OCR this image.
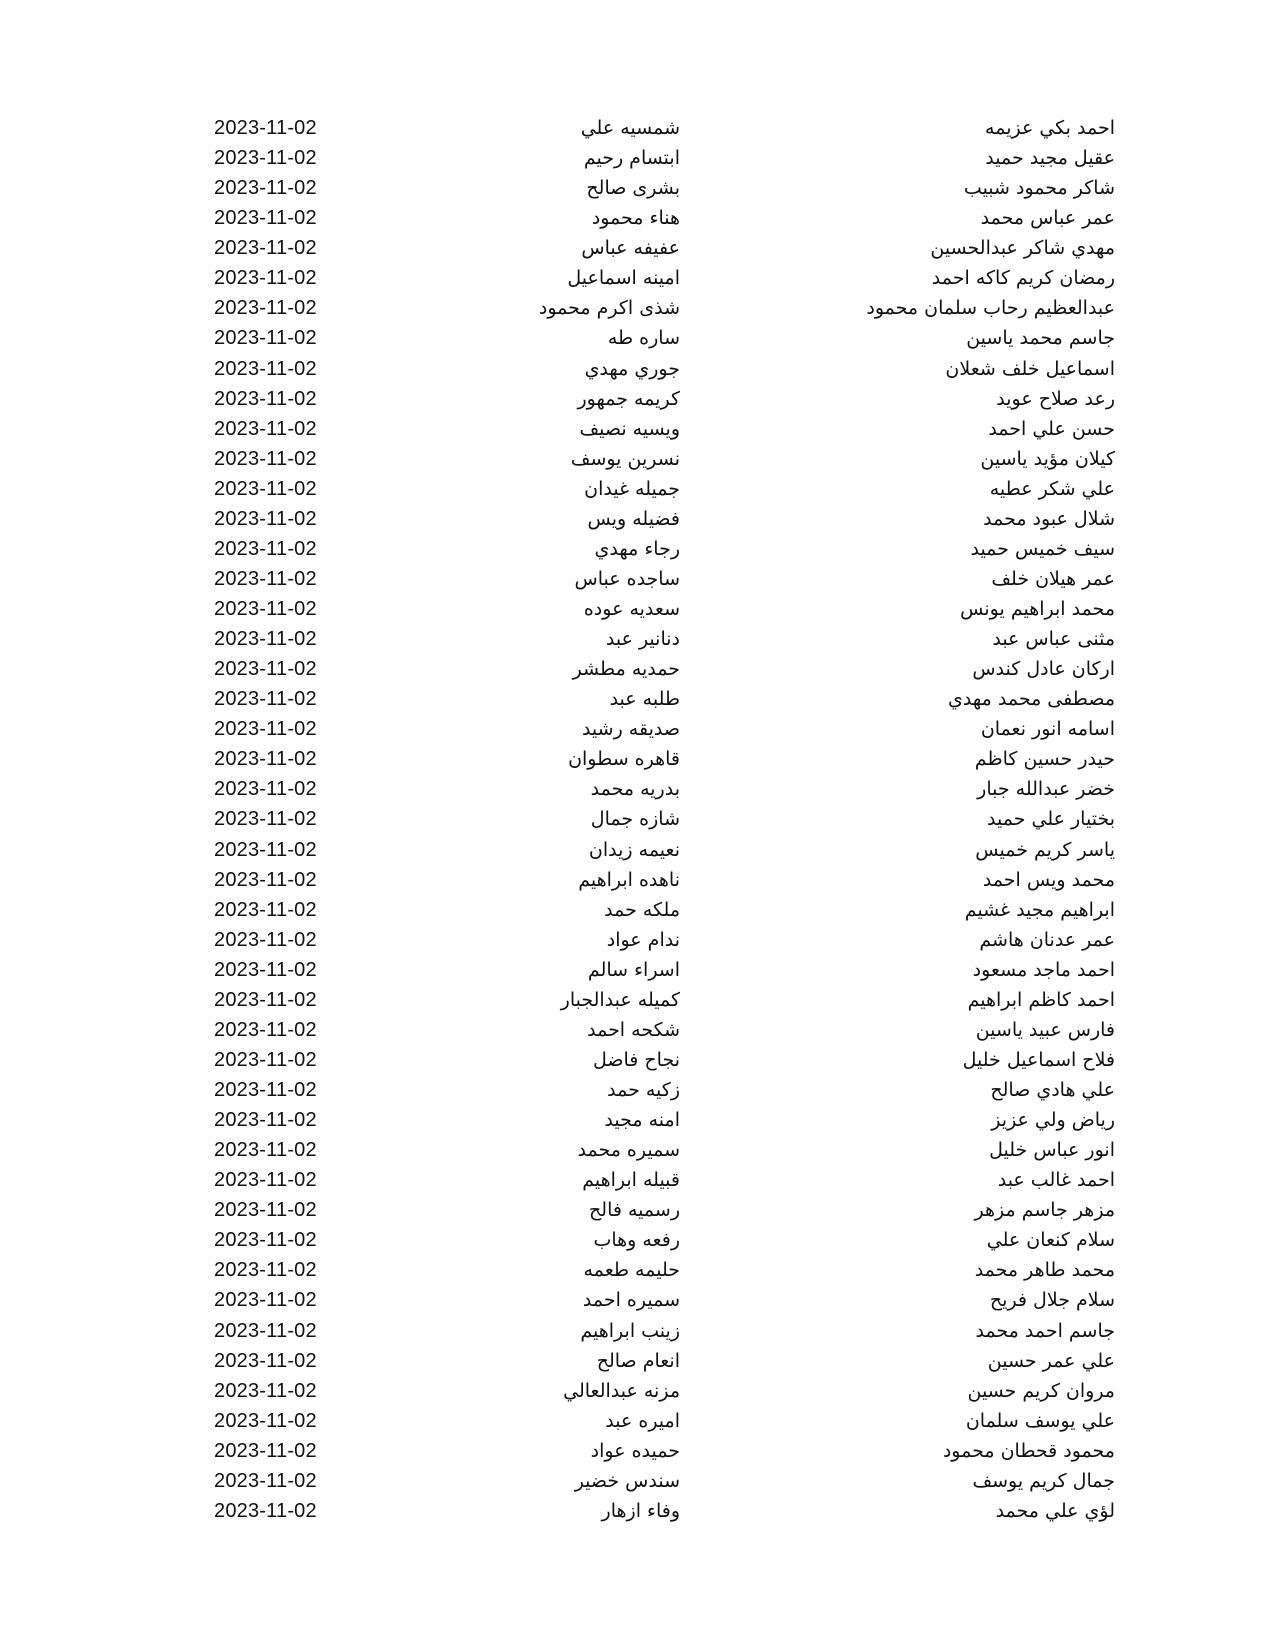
احمد بكي عزيمه
شمسيه علي
2023-11-02
عقيل مجيد حميد
ابتسام رحيم
2023-11-02
شاكر محمود شبيب
بشرى صالح
2023-11-02
عمر عباس محمد
هناء محمود
2023-11-02
مهدي شاكر عبدالحسين
عفيفه عباس
2023-11-02
رمضان كريم كاكه احمد
امينه اسماعيل
2023-11-02
عبدالعظيم رحاب سلمان محمود
شذى اكرم محمود
2023-11-02
جاسم محمد ياسين
ساره طه
2023-11-02
اسماعيل خلف شعلان
جوري مهدي
2023-11-02
رعد صلاح عويد
كريمه جمهور
2023-11-02
حسن علي احمد
ويسيه نصيف
2023-11-02
كيلان مؤيد ياسين
نسرين يوسف
2023-11-02
علي شكر عطيه
جميله غيدان
2023-11-02
شلال عبود محمد
فضيله ويس
2023-11-02
سيف خميس حميد
رجاء مهدي
2023-11-02
عمر هيلان خلف
ساجده عباس
2023-11-02
محمد ابراهيم يونس
سعديه عوده
2023-11-02
مثنى عباس عبد
دنانير عبد
2023-11-02
اركان عادل كندس
حمديه مطشر
2023-11-02
مصطفى محمد مهدي
طلبه عبد
2023-11-02
اسامه انور نعمان
صديقه رشيد
2023-11-02
حيدر حسين كاظم
قاهره سطوان
2023-11-02
خضر عبدالله جبار
بدريه محمد
2023-11-02
بختيار علي حميد
شازه جمال
2023-11-02
ياسر كريم خميس
نعيمه زيدان
2023-11-02
محمد ويس احمد
ناهده ابراهيم
2023-11-02
ابراهيم مجيد غشيم
ملكه حمد
2023-11-02
عمر عدنان هاشم
ندام عواد
2023-11-02
احمد ماجد مسعود
اسراء سالم
2023-11-02
احمد كاظم ابراهيم
كميله عبدالجبار
2023-11-02
فارس عبيد ياسين
شكحه احمد
2023-11-02
فلاح اسماعيل خليل
نجاح فاضل
2023-11-02
علي هادي صالح
زكيه حمد
2023-11-02
رياض ولي عزيز
امنه مجيد
2023-11-02
انور عباس خليل
سميره محمد
2023-11-02
احمد غالب عبد
قبيله ابراهيم
2023-11-02
مزهر جاسم مزهر
رسميه فالح
2023-11-02
سلام كنعان علي
رفعه وهاب
2023-11-02
محمد طاهر محمد
حليمه طعمه
2023-11-02
سلام جلال فريح
سميره احمد
2023-11-02
جاسم احمد محمد
زينب ابراهيم
2023-11-02
علي عمر حسين
انعام صالح
2023-11-02
مروان كريم حسين
مزنه عبدالعالي
2023-11-02
علي يوسف سلمان
اميره عبد
2023-11-02
محمود قحطان محمود
حميده عواد
2023-11-02
جمال كريم يوسف
سندس خضير
2023-11-02
لؤي علي محمد
وفاء ازهار
2023-11-02
